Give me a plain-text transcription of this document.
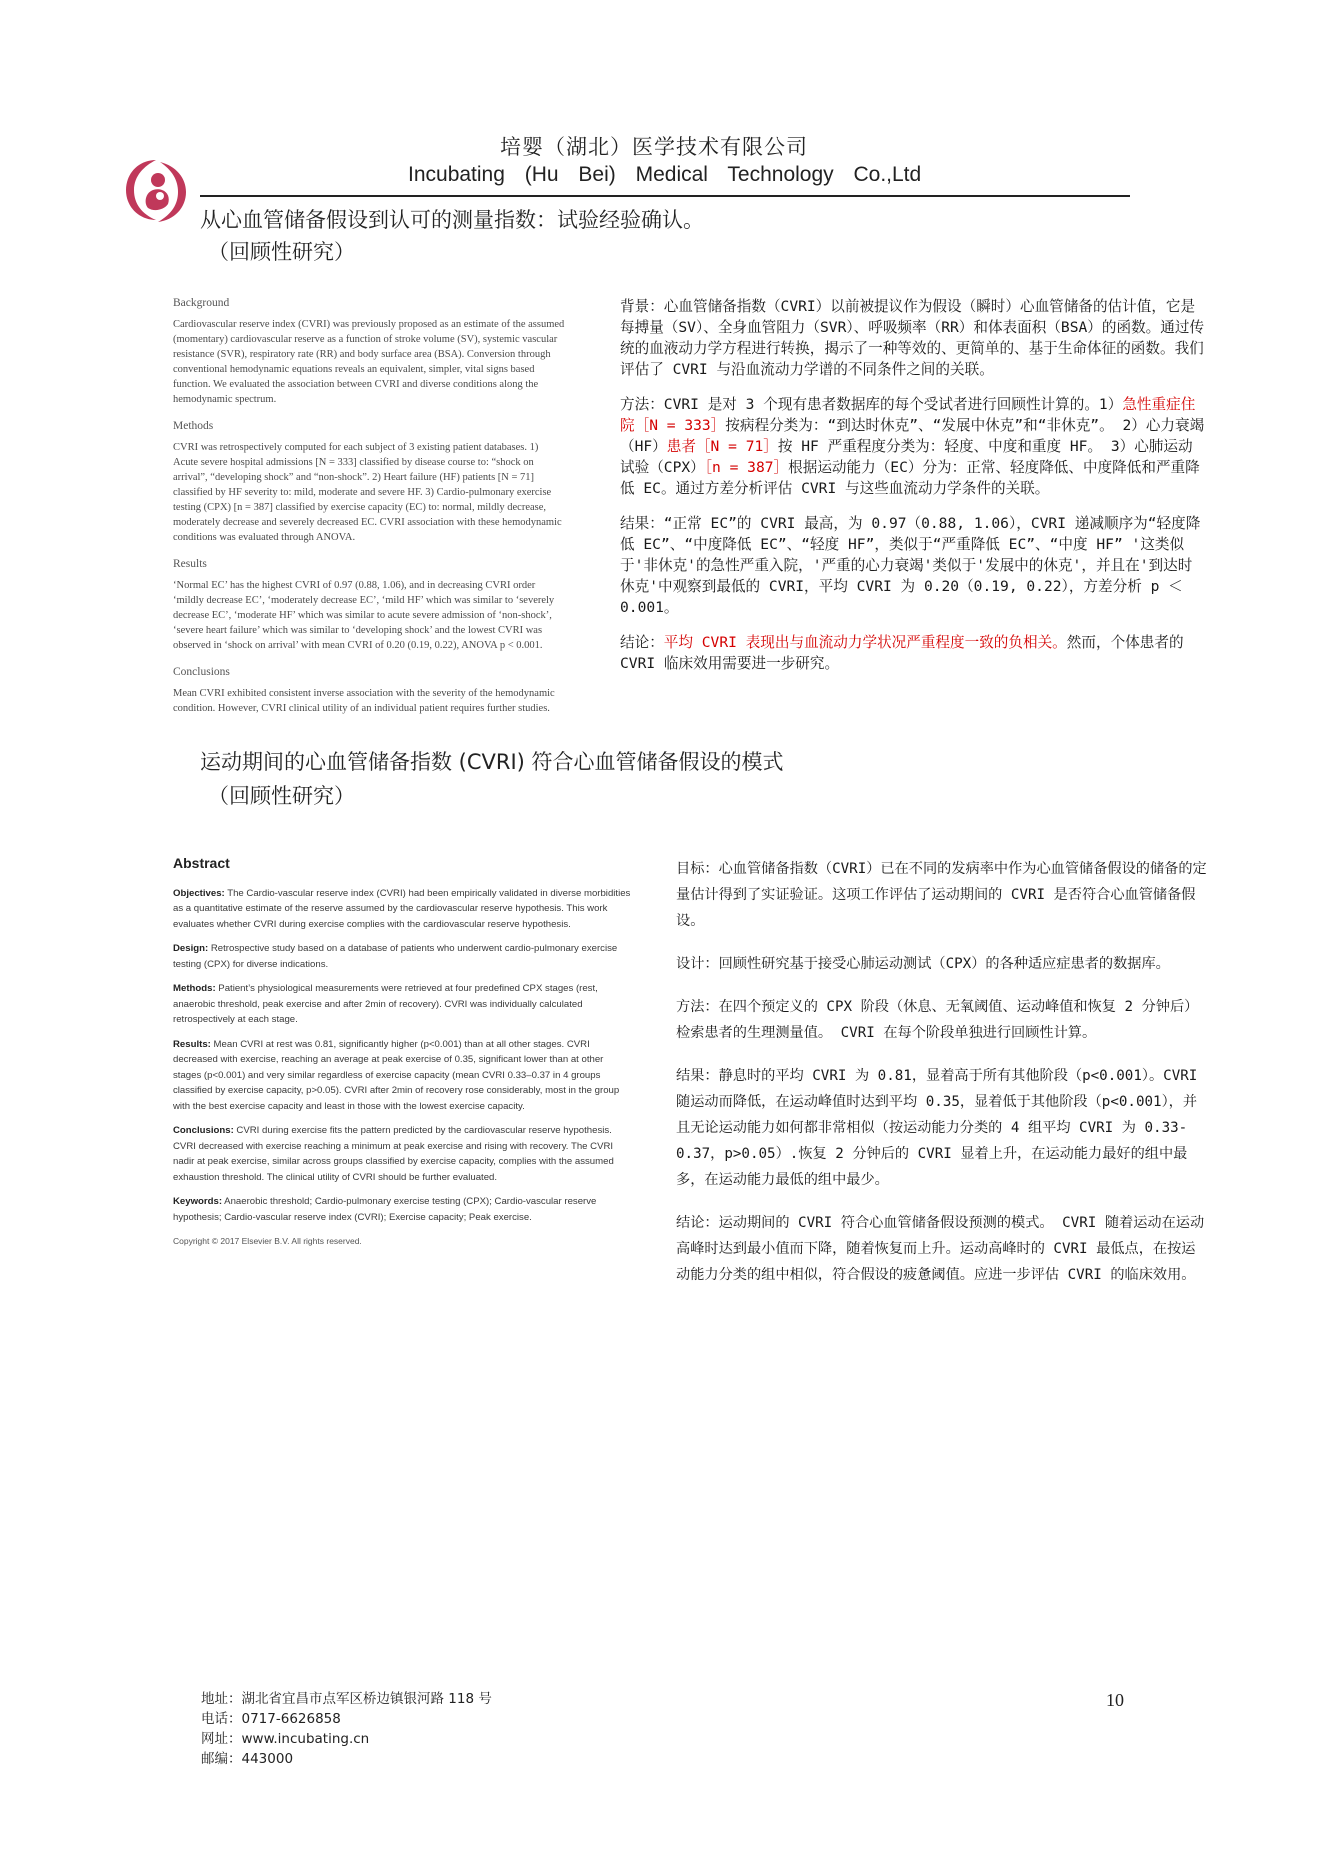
培婴（湖北）医学技术有限公司
Incubating (Hu Bei) Medical Technology Co.,Ltd
从心血管储备假设到认可的测量指数：试验经验确认。
（回顾性研究）
Background

Cardiovascular reserve index (CVRI) was previously proposed as an estimate of the assumed (momentary) cardiovascular reserve as a function of stroke volume (SV), systemic vascular resistance (SVR), respiratory rate (RR) and body surface area (BSA). Conversion through conventional hemodynamic equations reveals an equivalent, simpler, vital signs based function. We evaluated the association between CVRI and diverse conditions along the hemodynamic spectrum.

Methods

CVRI was retrospectively computed for each subject of 3 existing patient databases. 1) Acute severe hospital admissions [N = 333] classified by disease course to: “shock on arrival”, “developing shock” and “non-shock”. 2) Heart failure (HF) patients [N = 71] classified by HF severity to: mild, moderate and severe HF. 3) Cardio-pulmonary exercise testing (CPX) [n = 387] classified by exercise capacity (EC) to: normal, mildly decrease, moderately decrease and severely decreased EC. CVRI association with these hemodynamic conditions was evaluated through ANOVA.

Results

‘Normal EC’ has the highest CVRI of 0.97 (0.88, 1.06), and in decreasing CVRI order ‘mildly decrease EC’, ‘moderately decrease EC’, ‘mild HF’ which was similar to ‘severely decrease EC’, ‘moderate HF’ which was similar to acute severe admission of ‘non-shock’, ‘severe heart failure’ which was similar to ‘developing shock’ and the lowest CVRI was observed in ‘shock on arrival’ with mean CVRI of 0.20 (0.19, 0.22), ANOVA p < 0.001.

Conclusions

Mean CVRI exhibited consistent inverse association with the severity of the hemodynamic condition. However, CVRI clinical utility of an individual patient requires further studies.

背景：心血管储备指数（CVRI）以前被提议作为假设（瞬时）心血管储备的估计值，它是每搏量（SV）、全身血管阻力（SVR）、呼吸频率（RR）和体表面积（BSA）的函数。通过传统的血液动力学方程进行转换，揭示了一种等效的、更简单的、基于生命体征的函数。我们评估了 CVRI 与沿血流动力学谱的不同条件之间的关联。

方法：CVRI 是对 3 个现有患者数据库的每个受试者进行回顾性计算的。1）急性重症住院［N = 333］按病程分类为：“到达时休克”、“发展中休克”和“非休克”。 2）心力衰竭（HF）患者［N = 71］按 HF 严重程度分类为：轻度、中度和重度 HF。 3）心肺运动试验（CPX）［n = 387］根据运动能力（EC）分为：正常、轻度降低、中度降低和严重降低 EC。通过方差分析评估 CVRI 与这些血流动力学条件的关联。

结果：“正常 EC”的 CVRI 最高，为 0.97（0.88, 1.06），CVRI 递减顺序为“轻度降低 EC”、“中度降低 EC”、“轻度 HF”，类似于“严重降低 EC”、“中度 HF” '这类似于'非休克'的急性严重入院，'严重的心力衰竭'类似于'发展中的休克'，并且在'到达时休克'中观察到最低的 CVRI，平均 CVRI 为 0.20（0.19, 0.22），方差分析 p ＜ 0.001。

结论：平均 CVRI 表现出与血流动力学状况严重程度一致的负相关。然而，个体患者的 CVRI 临床效用需要进一步研究。

运动期间的心血管储备指数 (CVRI) 符合心血管储备假设的模式
（回顾性研究）
Abstract

Objectives: The Cardio-vascular reserve index (CVRI) had been empirically validated in diverse morbidities as a quantitative estimate of the reserve assumed by the cardiovascular reserve hypothesis. This work evaluates whether CVRI during exercise complies with the cardiovascular reserve hypothesis.

Design: Retrospective study based on a database of patients who underwent cardio-pulmonary exercise testing (CPX) for diverse indications.

Methods: Patient’s physiological measurements were retrieved at four predefined CPX stages (rest, anaerobic threshold, peak exercise and after 2min of recovery). CVRI was individually calculated retrospectively at each stage.

Results: Mean CVRI at rest was 0.81, significantly higher (p<0.001) than at all other stages. CVRI decreased with exercise, reaching an average at peak exercise of 0.35, significant lower than at other stages (p<0.001) and very similar regardless of exercise capacity (mean CVRI 0.33–0.37 in 4 groups classified by exercise capacity, p>0.05). CVRI after 2min of recovery rose considerably, most in the group with the best exercise capacity and least in those with the lowest exercise capacity.

Conclusions: CVRI during exercise fits the pattern predicted by the cardiovascular reserve hypothesis. CVRI decreased with exercise reaching a minimum at peak exercise and rising with recovery. The CVRI nadir at peak exercise, similar across groups classified by exercise capacity, complies with the assumed exhaustion threshold. The clinical utility of CVRI should be further evaluated.

Keywords: Anaerobic threshold; Cardio-pulmonary exercise testing (CPX); Cardio-vascular reserve hypothesis; Cardio-vascular reserve index (CVRI); Exercise capacity; Peak exercise.

Copyright © 2017 Elsevier B.V. All rights reserved.

目标：心血管储备指数（CVRI）已在不同的发病率中作为心血管储备假设的储备的定量估计得到了实证验证。这项工作评估了运动期间的 CVRI 是否符合心血管储备假设。

设计：回顾性研究基于接受心肺运动测试（CPX）的各种适应症患者的数据库。

方法：在四个预定义的 CPX 阶段（休息、无氧阈值、运动峰值和恢复 2 分钟后）检索患者的生理测量值。 CVRI 在每个阶段单独进行回顾性计算。

结果：静息时的平均 CVRI 为 0.81，显着高于所有其他阶段（p<0.001）。CVRI 随运动而降低，在运动峰值时达到平均 0.35，显着低于其他阶段（p<0.001），并且无论运动能力如何都非常相似（按运动能力分类的 4 组平均 CVRI 为 0.33-0.37，p>0.05）.恢复 2 分钟后的 CVRI 显着上升，在运动能力最好的组中最多，在运动能力最低的组中最少。

结论：运动期间的 CVRI 符合心血管储备假设预测的模式。 CVRI 随着运动在运动高峰时达到最小值而下降，随着恢复而上升。运动高峰时的 CVRI 最低点，在按运动能力分类的组中相似，符合假设的疲惫阈值。应进一步评估 CVRI 的临床效用。

地址：湖北省宜昌市点军区桥边镇银河路 118 号
电话：0717-6626858
网址：www.incubating.cn
邮编：443000
10
